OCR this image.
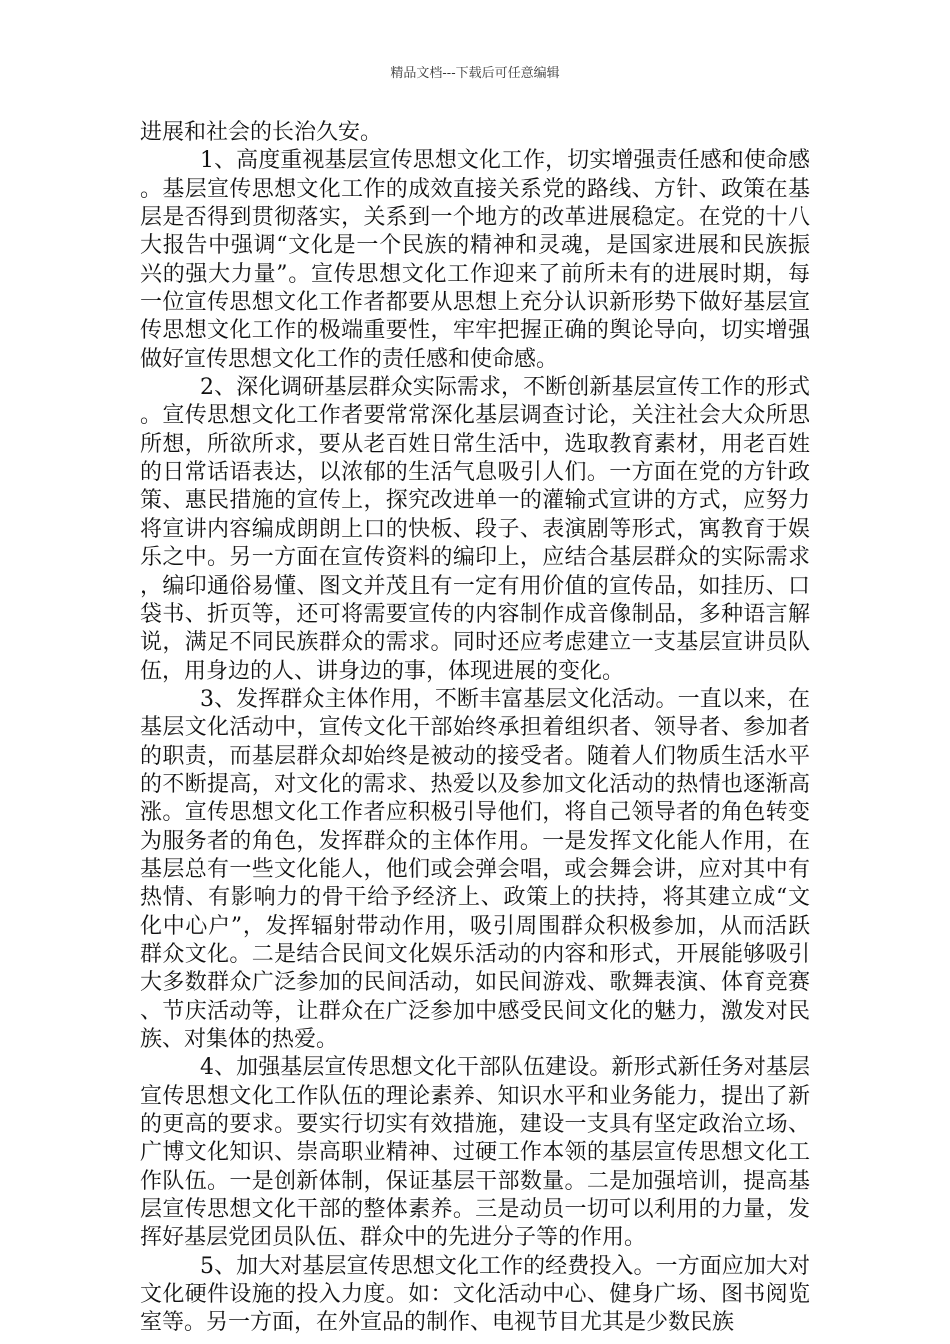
精品文档---下载后可任意编辑

进展和社会的长治久安。

1、高度重视基层宣传思想文化工作，切实增强责任感和使命感。基层宣传思想文化工作的成效直接关系党的路线、方针、政策在基层是否得到贯彻落实，关系到一个地方的改革进展稳定。在党的十八大报告中强调“文化是一个民族的精神和灵魂，是国家进展和民族振兴的强大力量”。宣传思想文化工作迎来了前所未有的进展时期，每一位宣传思想文化工作者都要从思想上充分认识新形势下做好基层宣传思想文化工作的极端重要性，牢牢把握正确的舆论导向，切实增强做好宣传思想文化工作的责任感和使命感。

2、深化调研基层群众实际需求，不断创新基层宣传工作的形式。宣传思想文化工作者要常常深化基层调查讨论，关注社会大众所思所想，所欲所求，要从老百姓日常生活中，选取教育素材，用老百姓的日常话语表达，以浓郁的生活气息吸引人们。一方面在党的方针政策、惠民措施的宣传上，探究改进单一的灌输式宣讲的方式，应努力将宣讲内容编成朗朗上口的快板、段子、表演剧等形式，寓教育于娱乐之中。另一方面在宣传资料的编印上，应结合基层群众的实际需求，编印通俗易懂、图文并茂且有一定有用价值的宣传品，如挂历、口袋书、折页等，还可将需要宣传的内容制作成音像制品，多种语言解说，满足不同民族群众的需求。同时还应考虑建立一支基层宣讲员队伍，用身边的人、讲身边的事，体现进展的变化。

3、发挥群众主体作用，不断丰富基层文化活动。一直以来，在基层文化活动中，宣传文化干部始终承担着组织者、领导者、参加者的职责，而基层群众却始终是被动的接受者。随着人们物质生活水平的不断提高，对文化的需求、热爱以及参加文化活动的热情也逐渐高涨。宣传思想文化工作者应积极引导他们，将自己领导者的角色转变为服务者的角色，发挥群众的主体作用。一是发挥文化能人作用，在基层总有一些文化能人，他们或会弹会唱，或会舞会讲，应对其中有热情、有影响力的骨干给予经济上、政策上的扶持，将其建立成“文化中心户”，发挥辐射带动作用，吸引周围群众积极参加，从而活跃群众文化。二是结合民间文化娱乐活动的内容和形式，开展能够吸引大多数群众广泛参加的民间活动，如民间游戏、歌舞表演、体育竞赛、节庆活动等，让群众在广泛参加中感受民间文化的魅力，激发对民族、对集体的热爱。

4、加强基层宣传思想文化干部队伍建设。新形式新任务对基层宣传思想文化工作队伍的理论素养、知识水平和业务能力，提出了新的更高的要求。要实行切实有效措施，建设一支具有坚定政治立场、广博文化知识、崇高职业精神、过硬工作本领的基层宣传思想文化工作队伍。一是创新体制，保证基层干部数量。二是加强培训，提高基层宣传思想文化干部的整体素养。三是动员一切可以利用的力量，发挥好基层党团员队伍、群众中的先进分子等的作用。

5、加大对基层宣传思想文化工作的经费投入。一方面应加大对文化硬件设施的投入力度。如：文化活动中心、健身广场、图书阅览室等。另一方面，在外宣品的制作、电视节目尤其是少数民族
